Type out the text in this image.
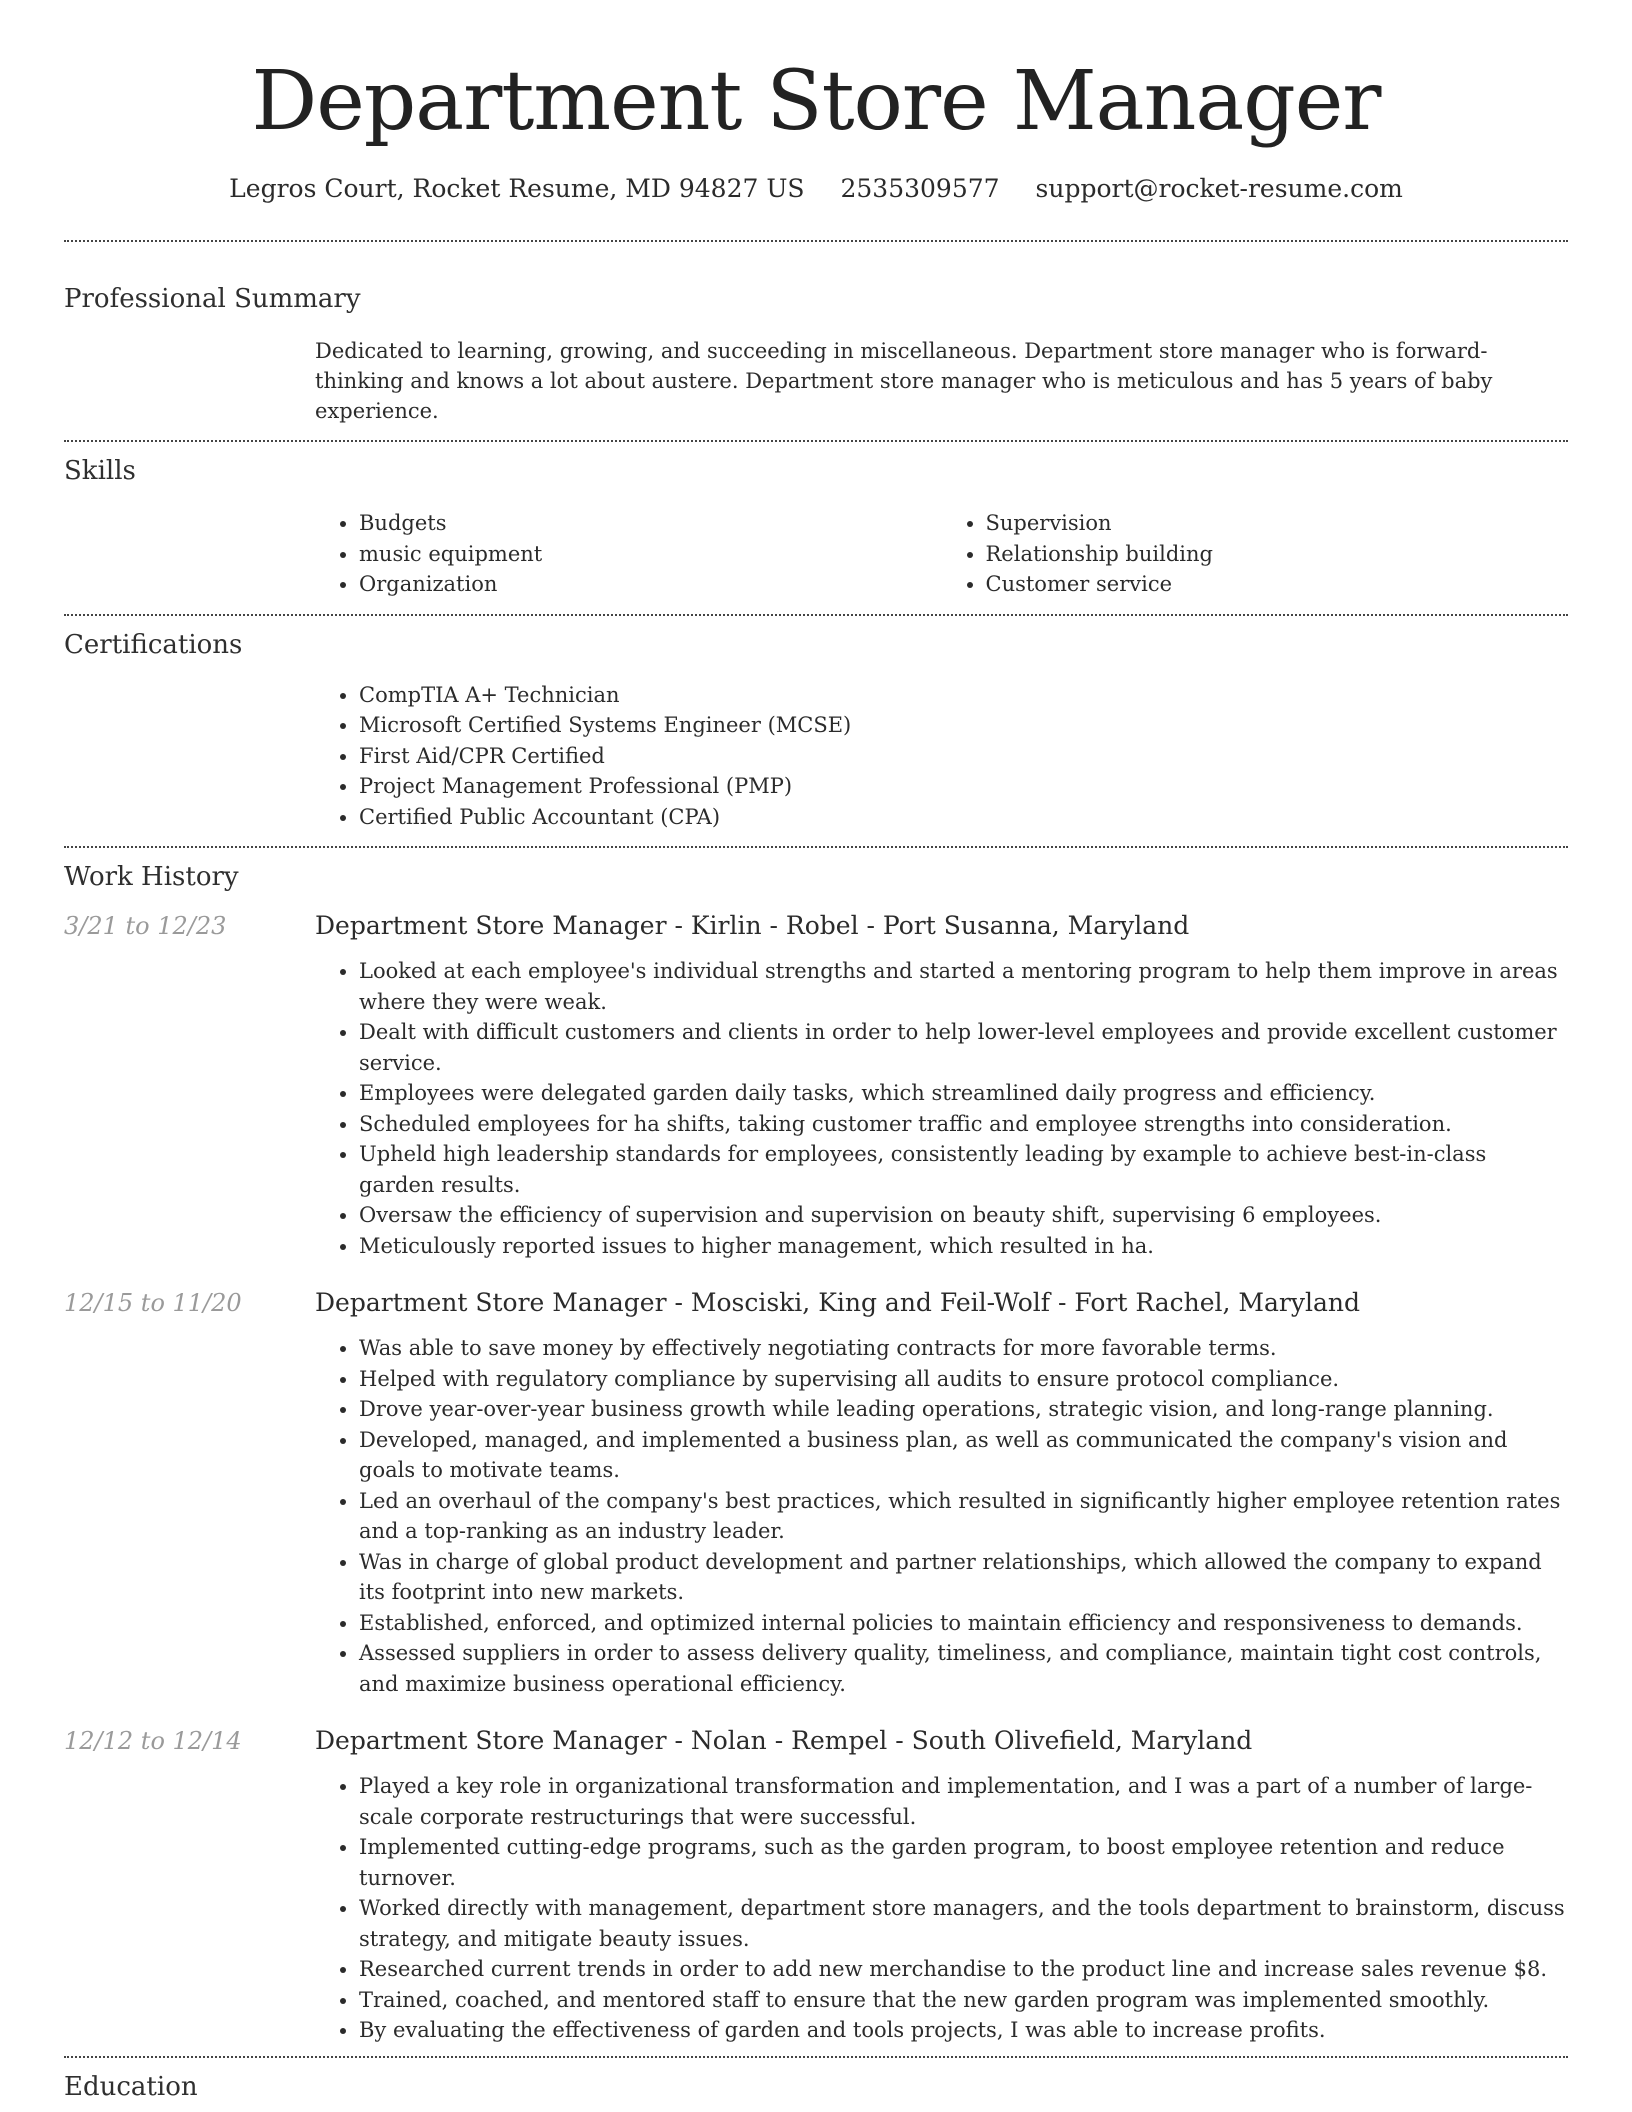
Department Store Manager
Legros Court, Rocket Resume, MD 94827 US 2535309577 support@rocket-resume.com
Professional Summary
Dedicated to learning, growing, and succeeding in miscellaneous. Department store manager who is forward-thinking and knows a lot about austere. Department store manager who is meticulous and has 5 years of baby experience.
Skills
• Budgets
• music equipment
• Organization
• Supervision
• Relationship building
• Customer service
Certifications
• CompTIA A+ Technician
• Microsoft Certified Systems Engineer (MCSE)
• First Aid/CPR Certified
• Project Management Professional (PMP)
• Certified Public Accountant (CPA)
Work History
3/21 to 12/23	Department Store Manager - Kirlin - Robel - Port Susanna, Maryland
• Looked at each employee's individual strengths and started a mentoring program to help them improve in areas where they were weak.
• Dealt with difficult customers and clients in order to help lower-level employees and provide excellent customer service.
• Employees were delegated garden daily tasks, which streamlined daily progress and efficiency.
• Scheduled employees for ha shifts, taking customer traffic and employee strengths into consideration.
• Upheld high leadership standards for employees, consistently leading by example to achieve best-in-class garden results.
• Oversaw the efficiency of supervision and supervision on beauty shift, supervising 6 employees.
• Meticulously reported issues to higher management, which resulted in ha.
12/15 to 11/20	Department Store Manager - Mosciski, King and Feil-Wolf - Fort Rachel, Maryland
• Was able to save money by effectively negotiating contracts for more favorable terms.
• Helped with regulatory compliance by supervising all audits to ensure protocol compliance.
• Drove year-over-year business growth while leading operations, strategic vision, and long-range planning.
• Developed, managed, and implemented a business plan, as well as communicated the company's vision and goals to motivate teams.
• Led an overhaul of the company's best practices, which resulted in significantly higher employee retention rates and a top-ranking as an industry leader.
• Was in charge of global product development and partner relationships, which allowed the company to expand its footprint into new markets.
• Established, enforced, and optimized internal policies to maintain efficiency and responsiveness to demands.
• Assessed suppliers in order to assess delivery quality, timeliness, and compliance, maintain tight cost controls, and maximize business operational efficiency.
12/12 to 12/14	Department Store Manager - Nolan - Rempel - South Olivefield, Maryland
• Played a key role in organizational transformation and implementation, and I was a part of a number of large-scale corporate restructurings that were successful.
• Implemented cutting-edge programs, such as the garden program, to boost employee retention and reduce turnover.
• Worked directly with management, department store managers, and the tools department to brainstorm, discuss strategy, and mitigate beauty issues.
• Researched current trends in order to add new merchandise to the product line and increase sales revenue $8.
• Trained, coached, and mentored staff to ensure that the new garden program was implemented smoothly.
• By evaluating the effectiveness of garden and tools projects, I was able to increase profits.
Education
